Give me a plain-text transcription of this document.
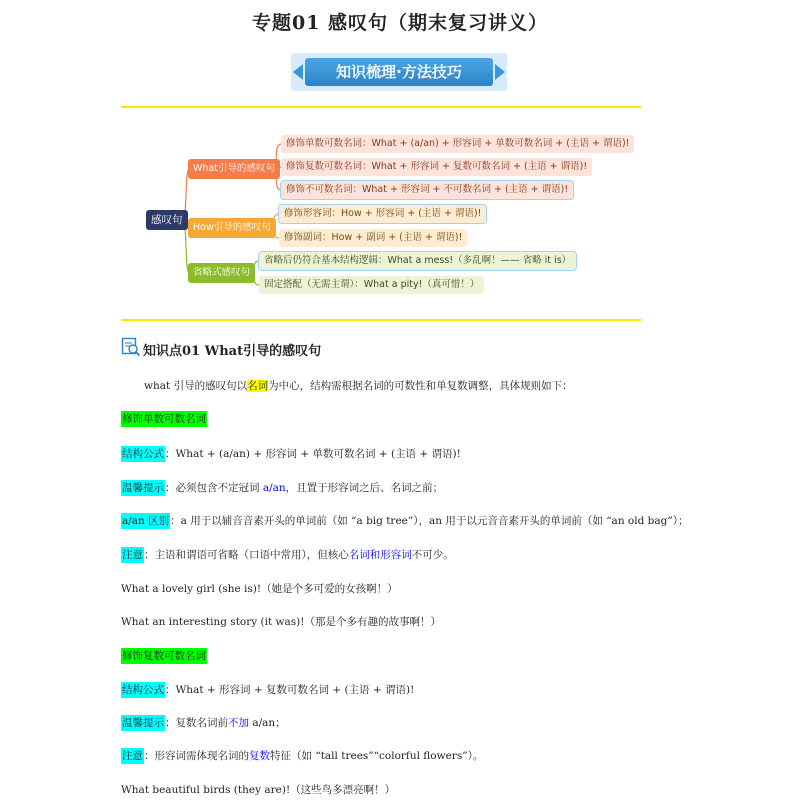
专题01 感叹句（期末复习讲义）
知识梳理·方法技巧
感叹句
What引导的感叹句
How引导的感叹句
省略式感叹句
修饰单数可数名词：What + (a/an) + 形容词 + 单数可数名词 + (主语 + 谓语)!
修饰复数可数名词：What + 形容词 + 复数可数名词 + (主语 + 谓语)!
修饰不可数名词：What + 形容词 + 不可数名词 + (主语 + 谓语)!
修饰形容词：How + 形容词 + (主语 + 谓语)!
修饰副词：How + 副词 + (主语 + 谓语)!
省略后仍符合基本结构逻辑：What a mess!（多乱啊！—— 省略 it is）
固定搭配（无需主谓）：What a pity!（真可惜！）
知识点01 What引导的感叹句
what 引导的感叹句以名词为中心，结构需根据名词的可数性和单复数调整，具体规则如下：
修饰单数可数名词
结构公式：What + (a/an) + 形容词 + 单数可数名词 + (主语 + 谓语)!
温馨提示：必须包含不定冠词 a/an，且置于形容词之后、名词之前；
a/an 区别：a 用于以辅音音素开头的单词前（如 “a big tree”），an 用于以元音音素开头的单词前（如 “an old bag”）；
注意：主语和谓语可省略（口语中常用），但核心名词和形容词不可少。
What a lovely girl (she is)!（她是个多可爱的女孩啊！）
What an interesting story (it was)!（那是个多有趣的故事啊！）
修饰复数可数名词
结构公式：What + 形容词 + 复数可数名词 + (主语 + 谓语)!
温馨提示：复数名词前不加 a/an；
注意：形容词需体现名词的复数特征（如 “tall trees”“colorful flowers”）。
What beautiful birds (they are)!（这些鸟多漂亮啊！）
